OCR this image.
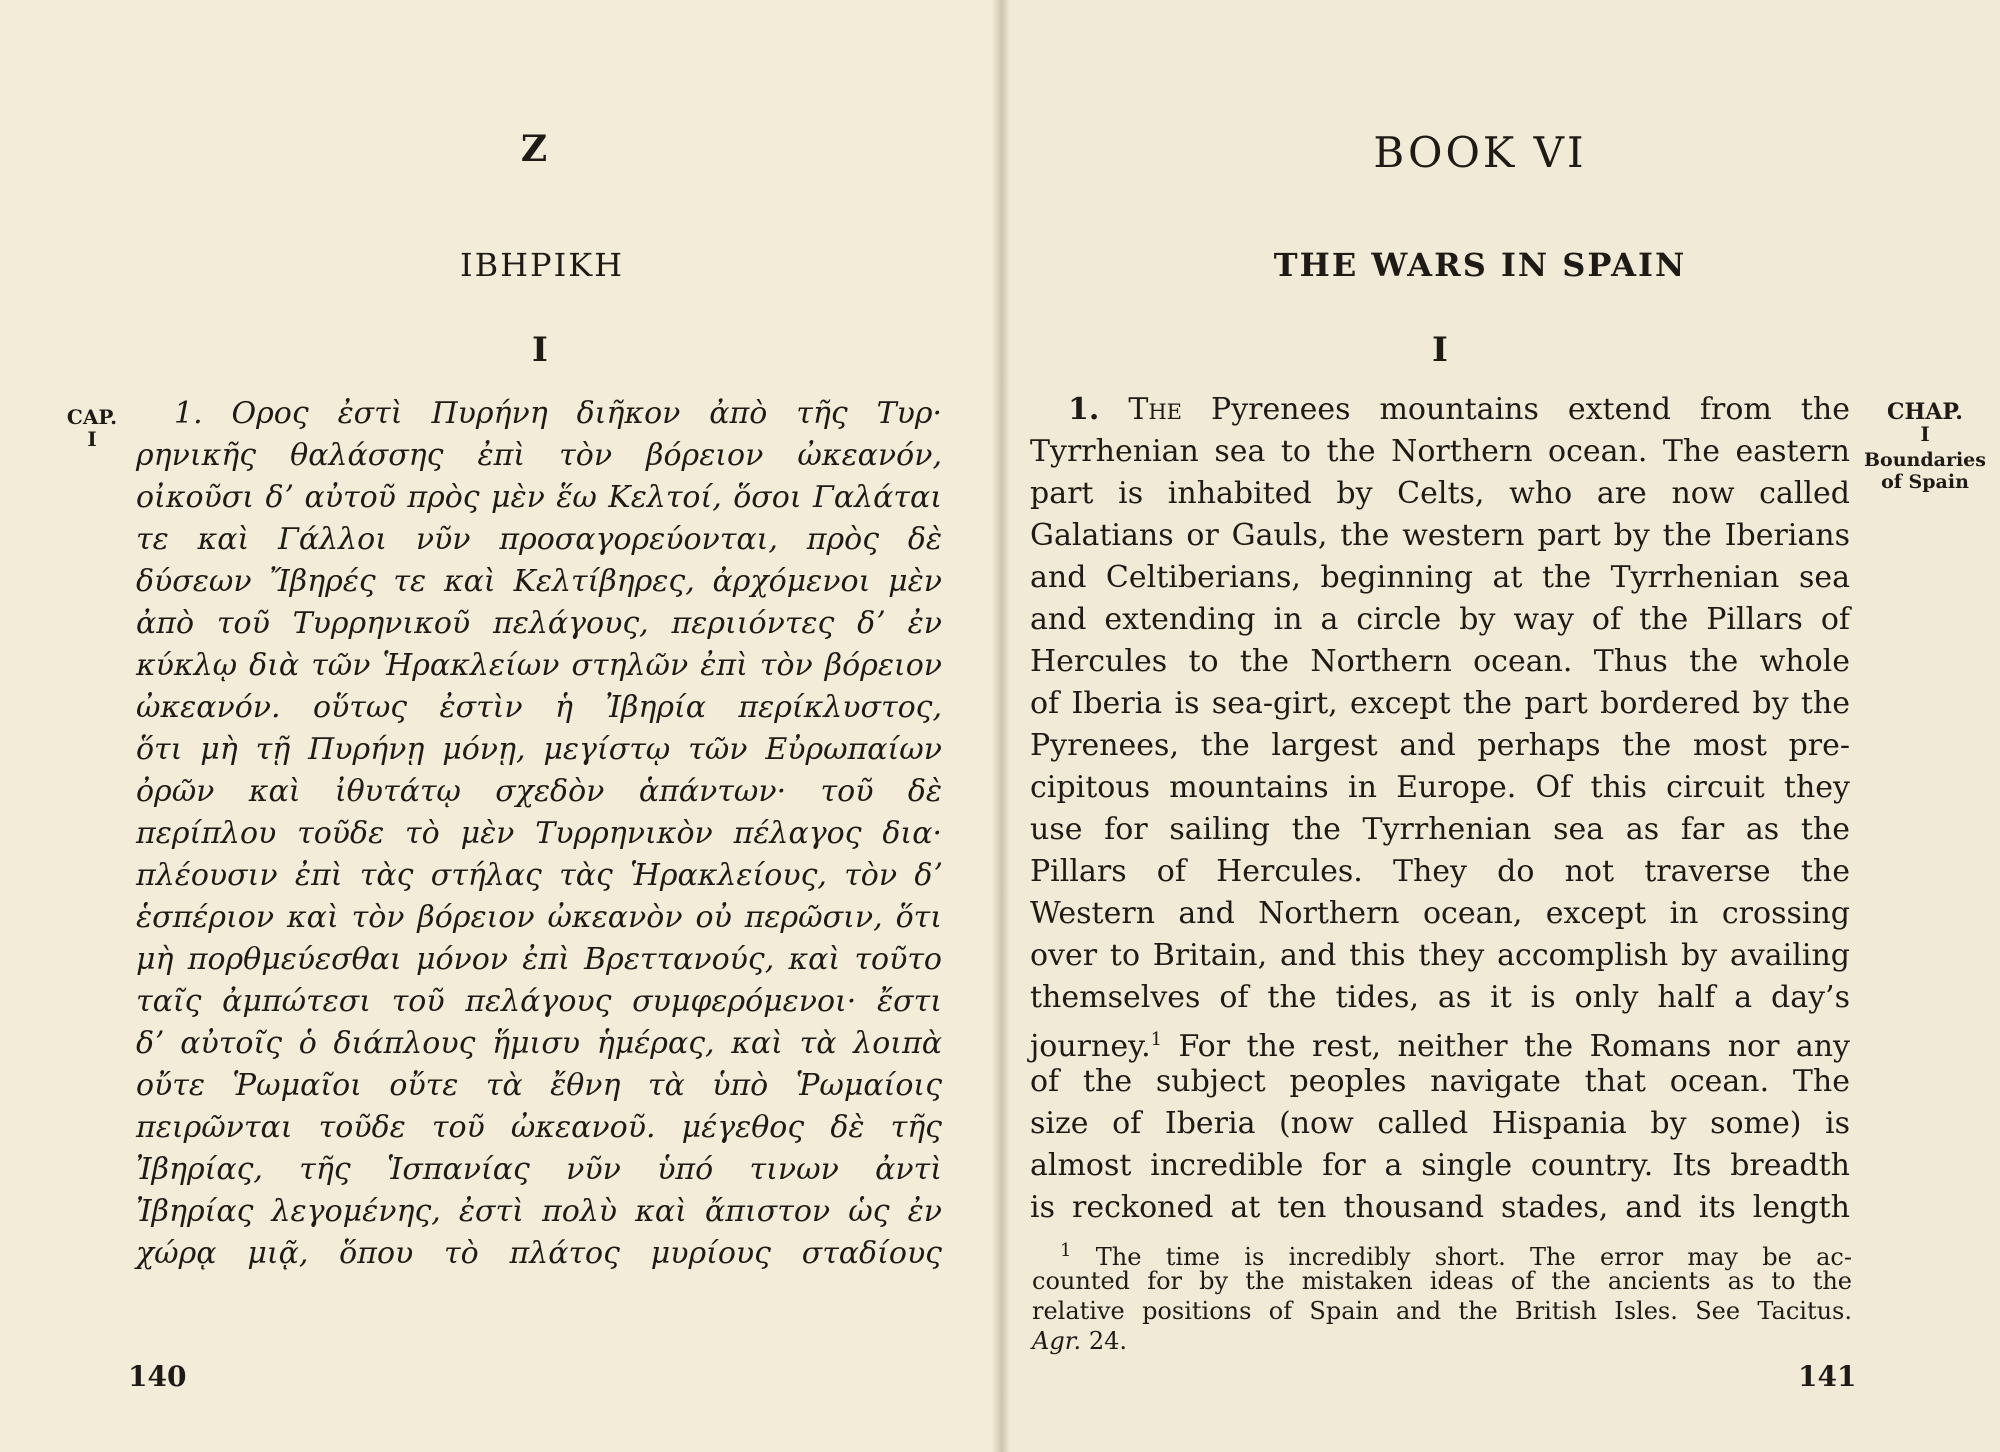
Z
ΙΒΗΡΙΚΗ
I
CAP.
I
1. Ορος ἐστὶ Πυρήνη διῆκον ἀπὸ τῆς Τυρ·
ρηνικῆς θαλάσσης ἐπὶ τὸν βόρειον ὠκεανόν,
οἰκοῦσι δʼ αὐτοῦ πρὸς μὲν ἕω Κελτοί, ὅσοι Γαλάται
τε καὶ Γάλλοι νῦν προσαγορεύονται, πρὸς δὲ
δύσεων Ἴβηρές τε καὶ Κελτίβηρες, ἀρχόμενοι μὲν
ἀπὸ τοῦ Τυρρηνικοῦ πελάγους, περιιόντες δʼ ἐν
κύκλῳ διὰ τῶν Ἡρακλείων στηλῶν ἐπὶ τὸν βόρειον
ὠκεανόν. οὕτως ἐστὶν ἡ Ἰβηρία περίκλυστος,
ὅτι μὴ τῇ Πυρήνῃ μόνῃ, μεγίστῳ τῶν Εὐρωπαίων
ὀρῶν καὶ ἰθυτάτῳ σχεδὸν ἁπάντων· τοῦ δὲ
περίπλου τοῦδε τὸ μὲν Τυρρηνικὸν πέλαγος δια·
πλέουσιν ἐπὶ τὰς στήλας τὰς Ἡρακλείους, τὸν δʼ
ἑσπέριον καὶ τὸν βόρειον ὠκεανὸν οὐ περῶσιν, ὅτι
μὴ πορθμεύεσθαι μόνον ἐπὶ Βρεττανούς, καὶ τοῦτο
ταῖς ἀμπώτεσι τοῦ πελάγους συμφερόμενοι· ἔστι
δʼ αὐτοῖς ὁ διάπλους ἥμισυ ἡμέρας, καὶ τὰ λοιπὰ
οὔτε Ῥωμαῖοι οὔτε τὰ ἔθνη τὰ ὑπὸ Ῥωμαίοις
πειρῶνται τοῦδε τοῦ ὠκεανοῦ. μέγεθος δὲ τῆς
Ἰβηρίας, τῆς Ἱσπανίας νῦν ὑπό τινων ἀντὶ
Ἰβηρίας λεγομένης, ἐστὶ πολὺ καὶ ἄπιστον ὡς ἐν
χώρᾳ μιᾷ, ὅπου τὸ πλάτος μυρίους σταδίους
140
BOOK VI
THE WARS IN SPAIN
I
CHAP.
I
Boundaries
of Spain
1. The Pyrenees mountains extend from the
Tyrrhenian sea to the Northern ocean. The eastern
part is inhabited by Celts, who are now called
Galatians or Gauls, the western part by the Iberians
and Celtiberians, beginning at the Tyrrhenian sea
and extending in a circle by way of the Pillars of
Hercules to the Northern ocean. Thus the whole
of Iberia is sea-girt, except the part bordered by the
Pyrenees, the largest and perhaps the most pre-
cipitous mountains in Europe. Of this circuit they
use for sailing the Tyrrhenian sea as far as the
Pillars of Hercules. They do not traverse the
Western and Northern ocean, except in crossing
over to Britain, and this they accomplish by availing
themselves of the tides, as it is only half a day’s
journey.$^1$ For the rest, neither the Romans nor any
of the subject peoples navigate that ocean. The
size of Iberia (now called Hispania by some) is
almost incredible for a single country. Its breadth
is reckoned at ten thousand stades, and its length
$^1$ The time is incredibly short. The error may be ac-
counted for by the mistaken ideas of the ancients as to the
relative positions of Spain and the British Isles. See Tacitus.
Agr. 24.
141
